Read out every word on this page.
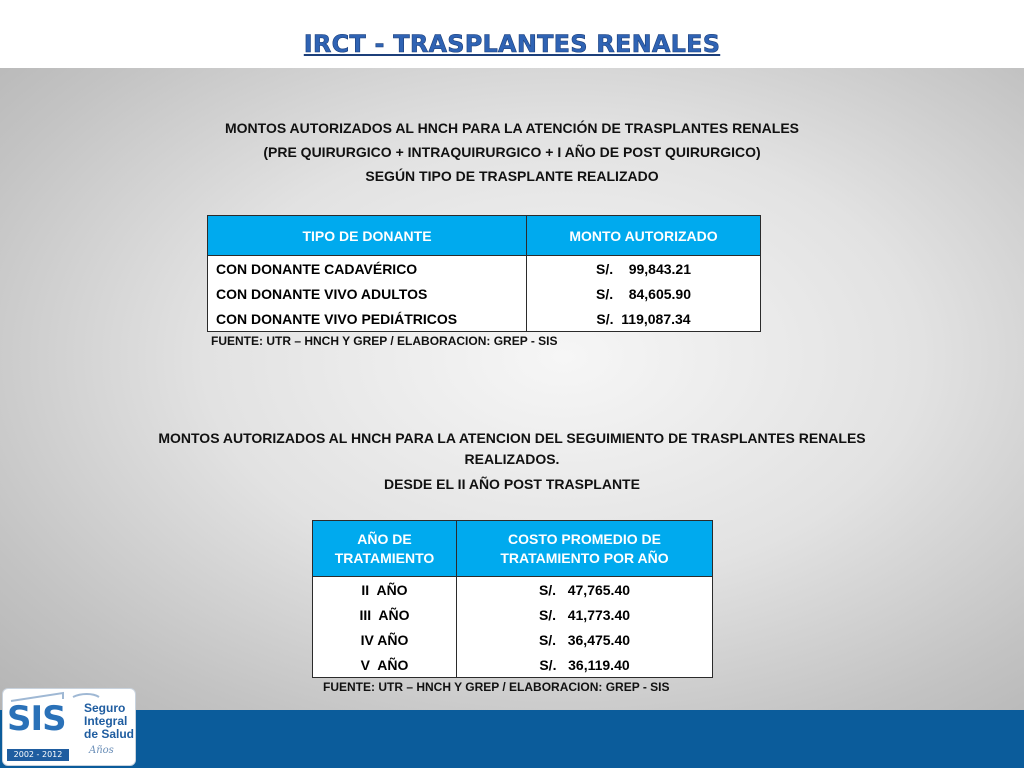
IRCT - TRASPLANTES RENALES
MONTOS AUTORIZADOS AL HNCH PARA LA ATENCIÓN DE TRASPLANTES RENALES
(PRE QUIRURGICO + INTRAQUIRURGICO + I AÑO DE POST QUIRURGICO)
SEGÚN TIPO DE TRASPLANTE REALIZADO
TIPO DE DONANTE	MONTO AUTORIZADO
CON DONANTE CADAVÉRICO	S/.    99,843.21
CON DONANTE VIVO ADULTOS	S/.    84,605.90
CON DONANTE VIVO PEDIÁTRICOS	S/.  119,087.34
FUENTE: UTR – HNCH Y GREP / ELABORACION: GREP - SIS
MONTOS AUTORIZADOS AL HNCH PARA LA ATENCION DEL SEGUIMIENTO DE TRASPLANTES RENALES
REALIZADOS.
DESDE EL II AÑO POST TRASPLANTE
AÑO DE TRATAMIENTO	COSTO PROMEDIO DE TRATAMIENTO POR AÑO
II  AÑO	S/.   47,765.40
III  AÑO	S/.   41,773.40
IV AÑO	S/.   36,475.40
V  AÑO	S/.   36,119.40
FUENTE: UTR – HNCH Y GREP / ELABORACION: GREP - SIS
SIS Seguro
Integral
de Salud
2002 - 2012	Años
